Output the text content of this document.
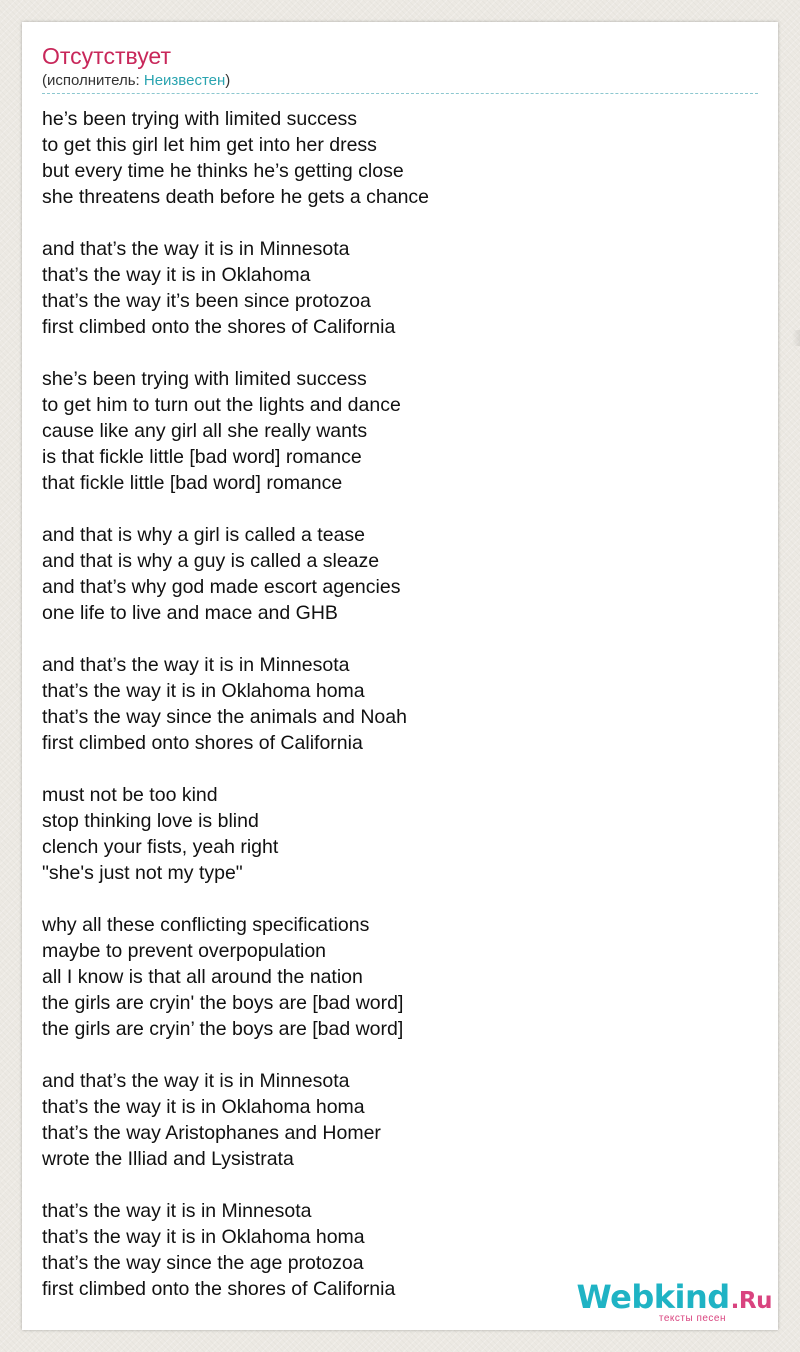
Отсутствует
(исполнитель: Неизвестен)
he’s been trying with limited success
to get this girl let him get into her dress
but every time he thinks he’s getting close
she threatens death before he gets a chance
and that’s the way it is in Minnesota
that’s the way it is in Oklahoma
that’s the way it’s been since protozoa
first climbed onto the shores of California
she’s been trying with limited success
to get him to turn out the lights and dance
cause like any girl all she really wants
is that fickle little [bad word] romance
that fickle little [bad word] romance
and that is why a girl is called a tease
and that is why a guy is called a sleaze
and that’s why god made escort agencies
one life to live and mace and GHB
and that’s the way it is in Minnesota
that’s the way it is in Oklahoma homa
that’s the way since the animals and Noah
first climbed onto shores of California
must not be too kind
stop thinking love is blind
clench your fists, yeah right
"she's just not my type"
why all these conflicting specifications
maybe to prevent overpopulation
all I know is that all around the nation
the girls are cryin' the boys are [bad word]
the girls are cryin’ the boys are [bad word]
and that’s the way it is in Minnesota
that’s the way it is in Oklahoma homa
that’s the way Aristophanes and Homer
wrote the Illiad and Lysistrata
that’s the way it is in Minnesota
that’s the way it is in Oklahoma homa
that’s the way since the age protozoa
first climbed onto the shores of California	Webkind.Ru
тексты песен
